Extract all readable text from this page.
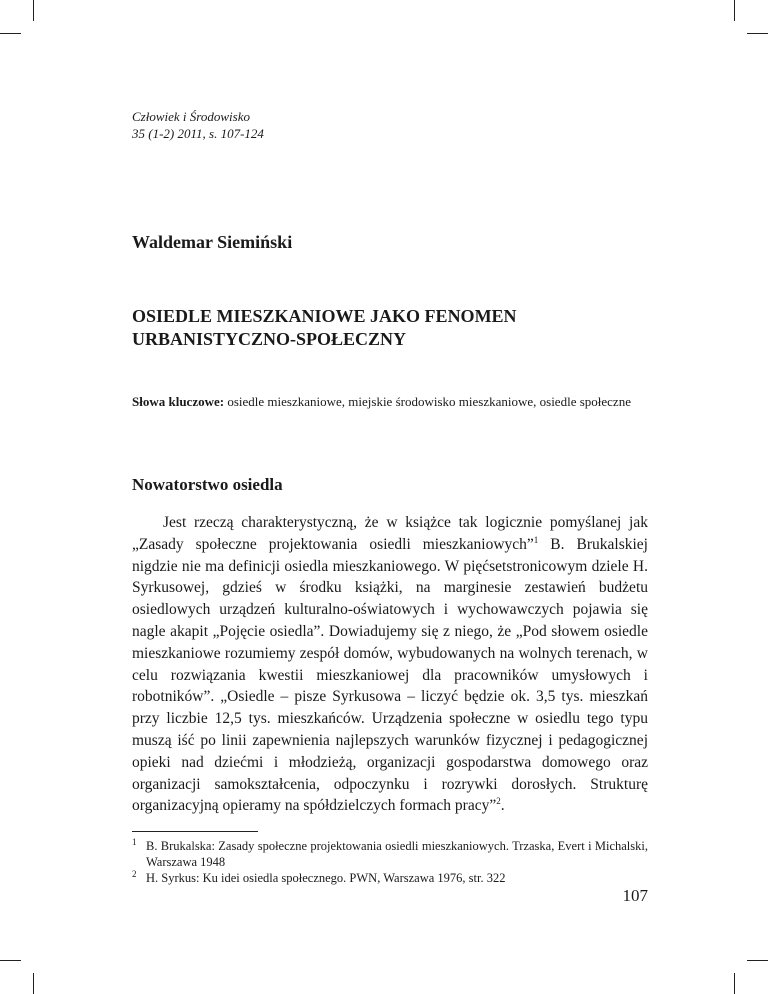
Człowiek i Środowisko
35 (1-2) 2011, s. 107-124
Waldemar Siemiński
OSIEDLE MIESZKANIOWE JAKO FENOMEN
URBANISTYCZNO-SPOŁECZNY
Słowa kluczowe: osiedle mieszkaniowe, miejskie środowisko mieszkaniowe, osiedle społeczne
Nowatorstwo osiedla

Jest rzeczą charakterystyczną, że w książce tak logicznie pomyślanej jak „Zasady społeczne projektowania osiedli mieszkaniowych”$^1$ B. Brukalskiej nigdzie nie ma definicji osiedla mieszkaniowego. W pięćsetstronicowym dziele H. Syrkusowej, gdzieś w środku książki, na marginesie zestawień budżetu osiedlowych urządzeń kulturalno-oświatowych i wychowawczych pojawia się nagle akapit „Pojęcie osiedla”. Dowiadujemy się z niego, że „Pod słowem osiedle mieszkaniowe rozumiemy zespół domów, wybudowanych na wolnych terenach, w celu rozwiązania kwestii mieszkaniowej dla pracowników umysłowych i robotników”. „Osiedle – pisze Syrkusowa – liczyć będzie ok. 3,5 tys. mieszkań przy liczbie 12,5 tys. mieszkańców. Urządzenia społeczne w osiedlu tego typu muszą iść po linii zapewnienia najlepszych warunków fizycznej i pedagogicznej opieki nad dziećmi i młodzieżą, organizacji gospodarstwa domowego oraz organizacji samokształcenia, odpoczynku i rozrywki dorosłych. Strukturę organizacyjną opieramy na spółdzielczych formach pracy”$^2$.

1 B. Brukalska: Zasady społeczne projektowania osiedli mieszkaniowych. Trzaska, Evert i Michalski, Warszawa 1948
2 H. Syrkus: Ku idei osiedla społecznego. PWN, Warszawa 1976, str. 322
107
